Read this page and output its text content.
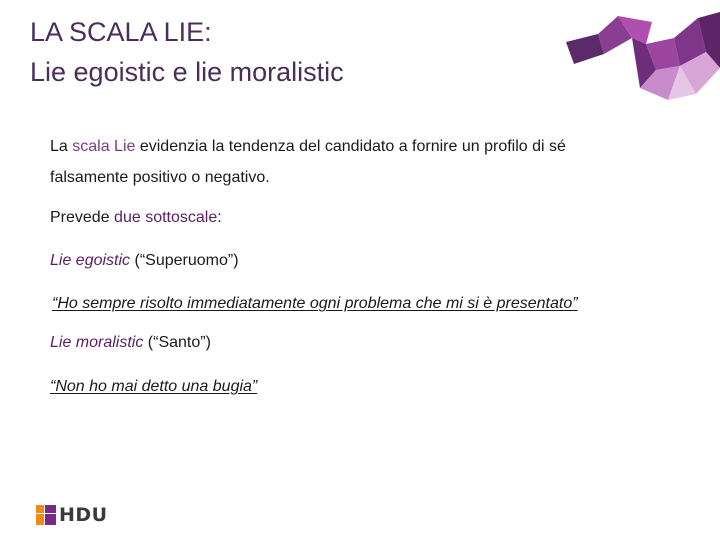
LA SCALA LIE:
Lie egoistic e lie moralistic
La scala Lie evidenzia la tendenza del candidato a fornire un profilo di sé
falsamente positivo o negativo.
Prevede due sottoscale:
Lie egoistic (“Superuomo”)
“Ho sempre risolto immediatamente ogni problema che mi si è presentato”
Lie moralistic (“Santo”)
“Non ho mai detto una bugia”
HDU
